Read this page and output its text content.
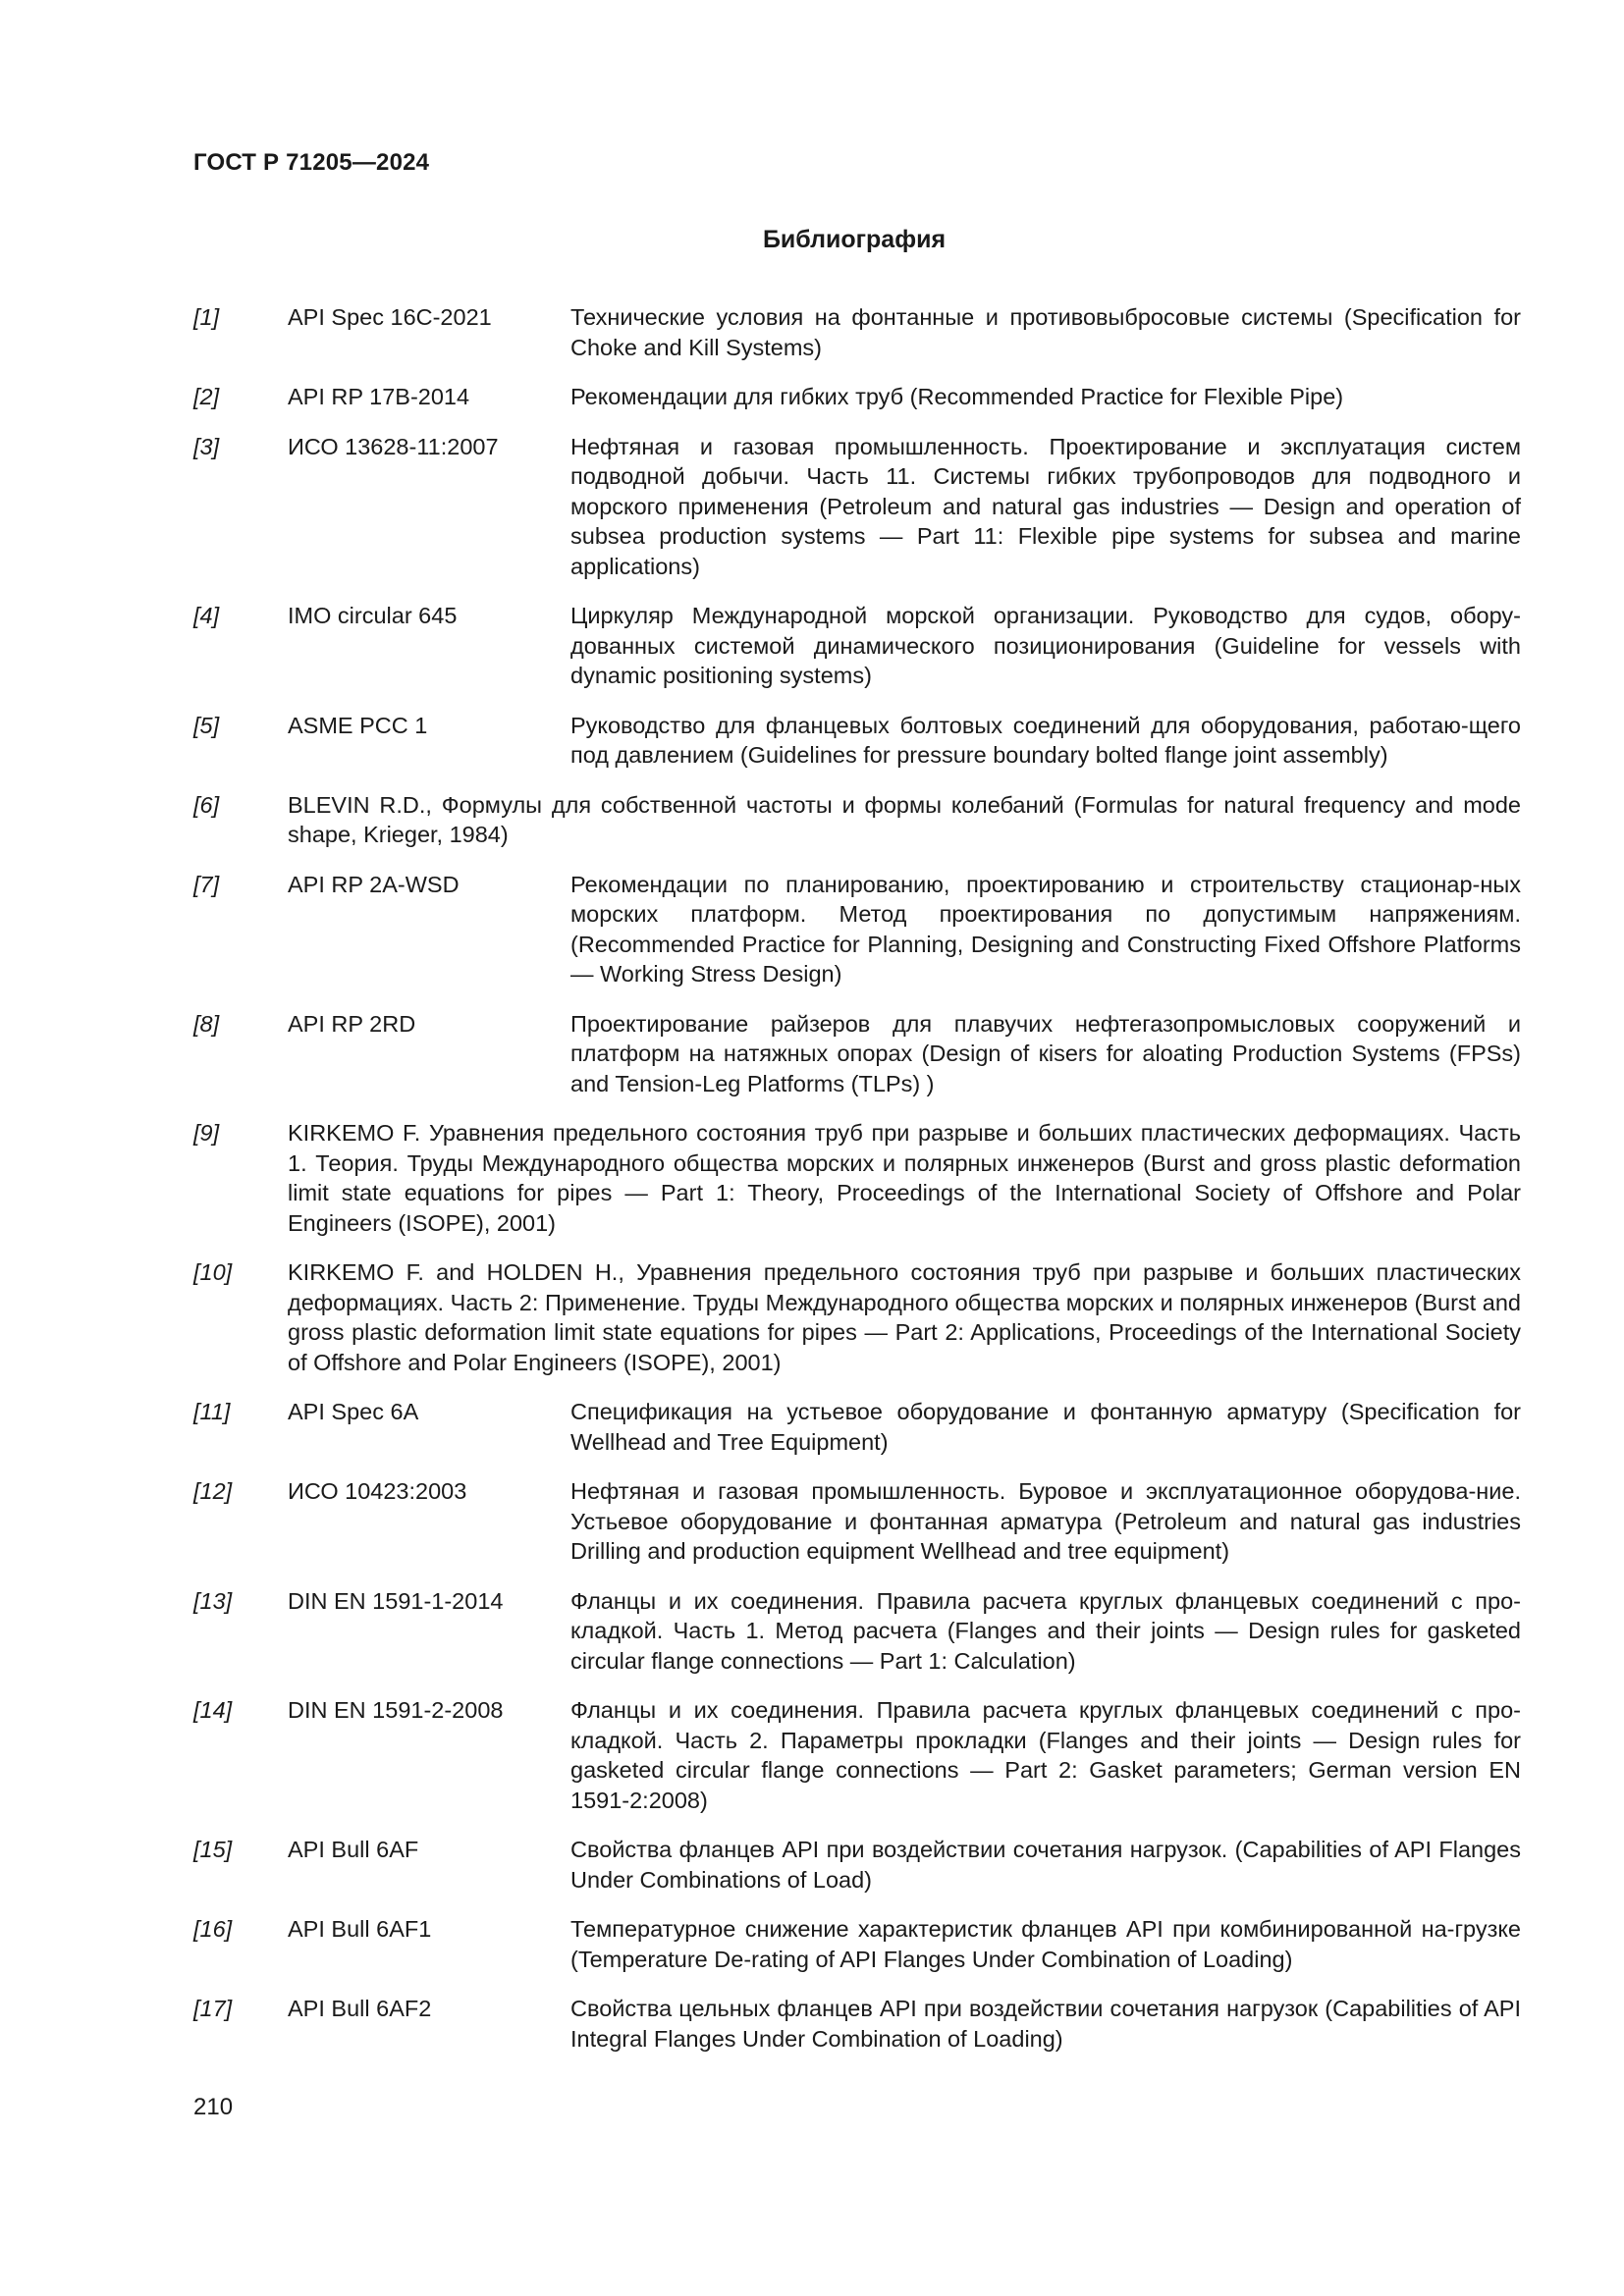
ГОСТ Р 71205—2024
Библиография
[1]	API Spec 16C-2021	Технические условия на фонтанные и противовыбросовые системы (Specification for Choke and Kill Systems)
[2]	API RP 17B-2014	Рекомендации для гибких труб (Recommended Practice for Flexible Pipe)
[3]	ИСО 13628-11:2007	Нефтяная и газовая промышленность. Проектирование и эксплуатация систем подводной добычи. Часть 11. Системы гибких трубопроводов для подводного и морского применения (Petroleum and natural gas industries — Design and operation of subsea production systems — Part 11: Flexible pipe systems for subsea and marine applications)
[4]	IMO circular 645	Циркуляр Международной морской организации. Руководство для судов, обору-дованных системой динамического позиционирования (Guideline for vessels with dynamic positioning systems)
[5]	ASME PCC 1	Руководство для фланцевых болтовых соединений для оборудования, работаю-щего под давлением (Guidelines for pressure boundary bolted flange joint assembly)
[6]	BLEVIN R.D., Формулы для собственной частоты и формы колебаний (Formulas for natural frequency and mode shape, Krieger, 1984)
[7]	API RP 2A-WSD	Рекомендации по планированию, проектированию и строительству стационар-ных морских платформ. Метод проектирования по допустимым напряжениям. (Recommended Practice for Planning, Designing and Constructing Fixed Offshore Platforms — Working Stress Design)
[8]	API RP 2RD	Проектирование райзеров для плавучих нефтегазопромысловых сооружений и платформ на натяжных опорах (Design of кisers for аloating Production Systems (FPSs) and Tension-Leg Platforms (TLPs) )
[9]	KIRKEMO F. Уравнения предельного состояния труб при разрыве и больших пластических деформациях. Часть 1. Теория. Труды Международного общества морских и полярных инженеров (Burst and gross plastic deformation limit state equations for pipes — Part 1: Theory, Proceedings of the International Society of Offshore and Polar Engineers (ISOPE), 2001)
[10] KIRKEMO F. and HOLDEN H., Уравнения предельного состояния труб при разрыве и больших пластических деформациях. Часть 2: Применение. Труды Международного общества морских и полярных инженеров (Burst and gross plastic deformation limit state equations for pipes — Part 2: Applications, Proceedings of the International Society of Offshore and Polar Engineers (ISOPE), 2001)
[11] API Spec 6A	Спецификация на устьевое оборудование и фонтанную арматуру (Specification for Wellhead and Tree Equipment)
[12] ИСО 10423:2003	Нефтяная и газовая промышленность. Буровое и эксплуатационное оборудова-ние. Устьевое оборудование и фонтанная арматура (Petroleum and natural gas industries Drilling and production equipment Wellhead and tree equipment)
[13] DIN EN 1591-1-2014	Фланцы и их соединения. Правила расчета круглых фланцевых соединений с про-кладкой. Часть 1. Метод расчета (Flanges and their joints — Design rules for gasketed circular flange connections — Part 1: Calculation)
[14] DIN EN 1591-2-2008	Фланцы и их соединения. Правила расчета круглых фланцевых соединений с про-кладкой. Часть 2. Параметры прокладки (Flanges and their joints — Design rules for gasketed circular flange connections — Part 2: Gasket parameters; German version EN 1591-2:2008)
[15] API Bull 6AF	Свойства фланцев API при воздействии сочетания нагрузок. (Capabilities of API Flanges Under Combinations of Load)
[16] API Bull 6AF1	Температурное снижение характеристик фланцев API при комбинированной на-грузке (Temperature De-rating of API Flanges Under Combination of Loading)
[17] API Bull 6AF2	Свойства цельных фланцев API при воздействии сочетания нагрузок (Capabilities of API Integral Flanges Under Combination of Loading)
210
